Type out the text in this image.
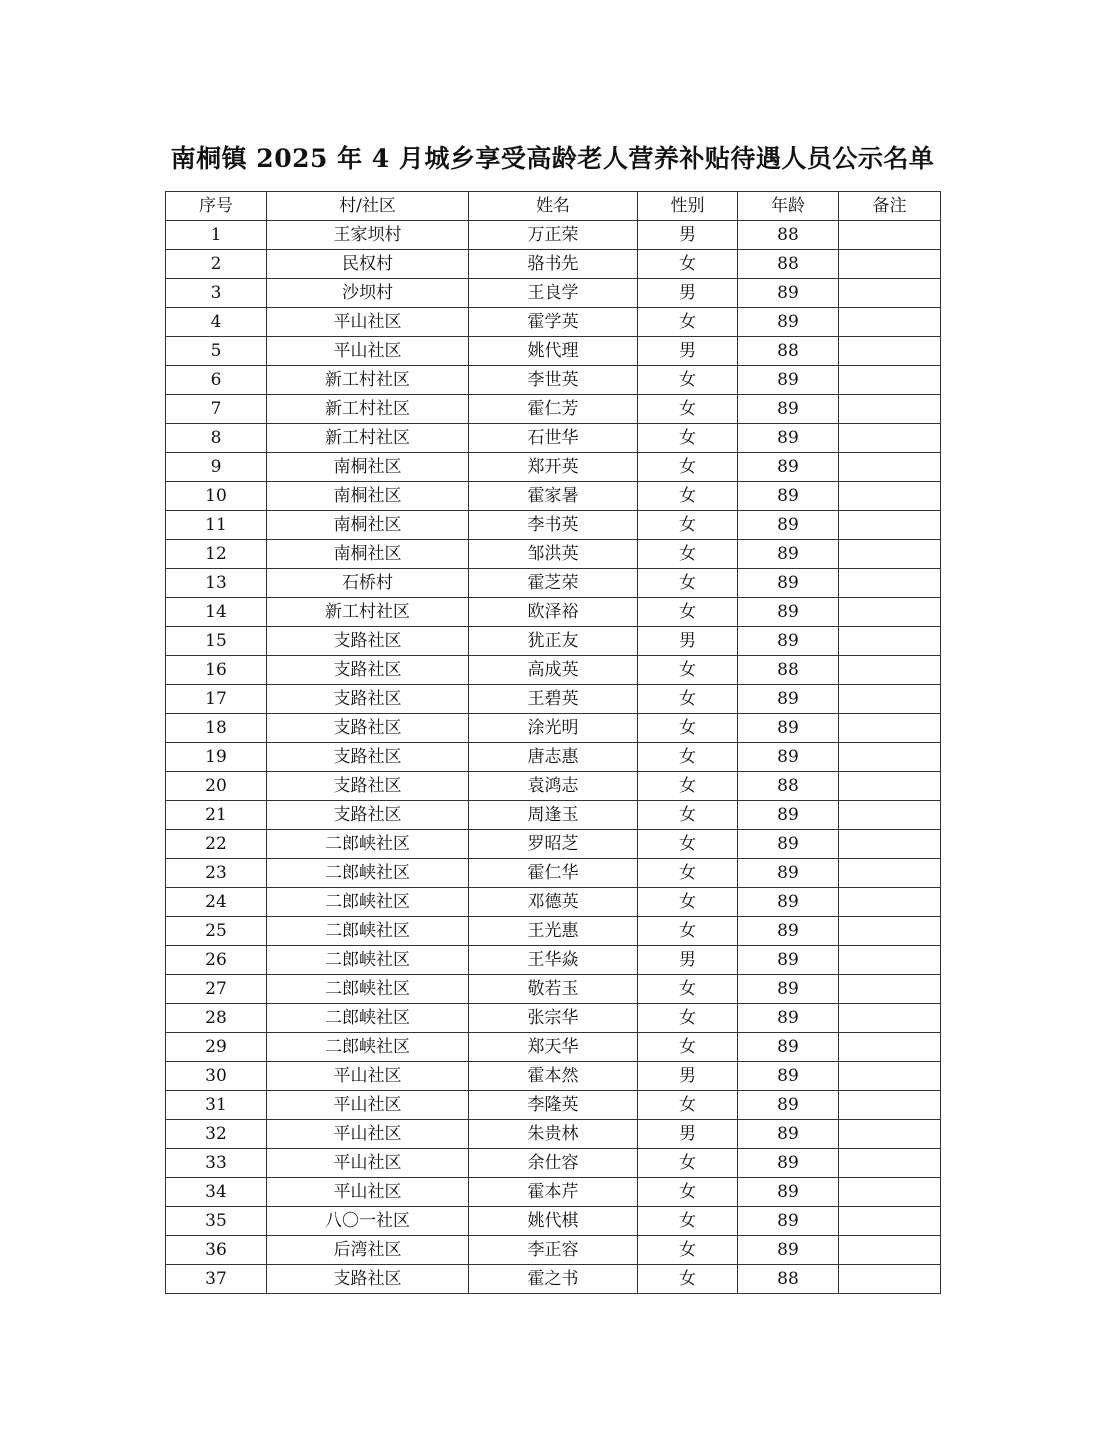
南桐镇 2025 年 4 月城乡享受高龄老人营养补贴待遇人员公示名单
序号	村/社区	姓名	性别	年龄	备注
1	王家坝村	万正荣	男	88	
2	民权村	骆书先	女	88	
3	沙坝村	王良学	男	89	
4	平山社区	霍学英	女	89	
5	平山社区	姚代理	男	88	
6	新工村社区	李世英	女	89	
7	新工村社区	霍仁芳	女	89	
8	新工村社区	石世华	女	89	
9	南桐社区	郑开英	女	89	
10	南桐社区	霍家暑	女	89	
11	南桐社区	李书英	女	89	
12	南桐社区	邹洪英	女	89	
13	石桥村	霍芝荣	女	89	
14	新工村社区	欧泽裕	女	89	
15	支路社区	犹正友	男	89	
16	支路社区	高成英	女	88	
17	支路社区	王碧英	女	89	
18	支路社区	涂光明	女	89	
19	支路社区	唐志惠	女	89	
20	支路社区	袁鸿志	女	88	
21	支路社区	周逢玉	女	89	
22	二郎峡社区	罗昭芝	女	89	
23	二郎峡社区	霍仁华	女	89	
24	二郎峡社区	邓德英	女	89	
25	二郎峡社区	王光惠	女	89	
26	二郎峡社区	王华焱	男	89	
27	二郎峡社区	敬若玉	女	89	
28	二郎峡社区	张宗华	女	89	
29	二郎峡社区	郑天华	女	89	
30	平山社区	霍本然	男	89	
31	平山社区	李隆英	女	89	
32	平山社区	朱贵林	男	89	
33	平山社区	余仕容	女	89	
34	平山社区	霍本芹	女	89	
35	八〇一社区	姚代棋	女	89	
36	后湾社区	李正容	女	89	
37	支路社区	霍之书	女	88	
